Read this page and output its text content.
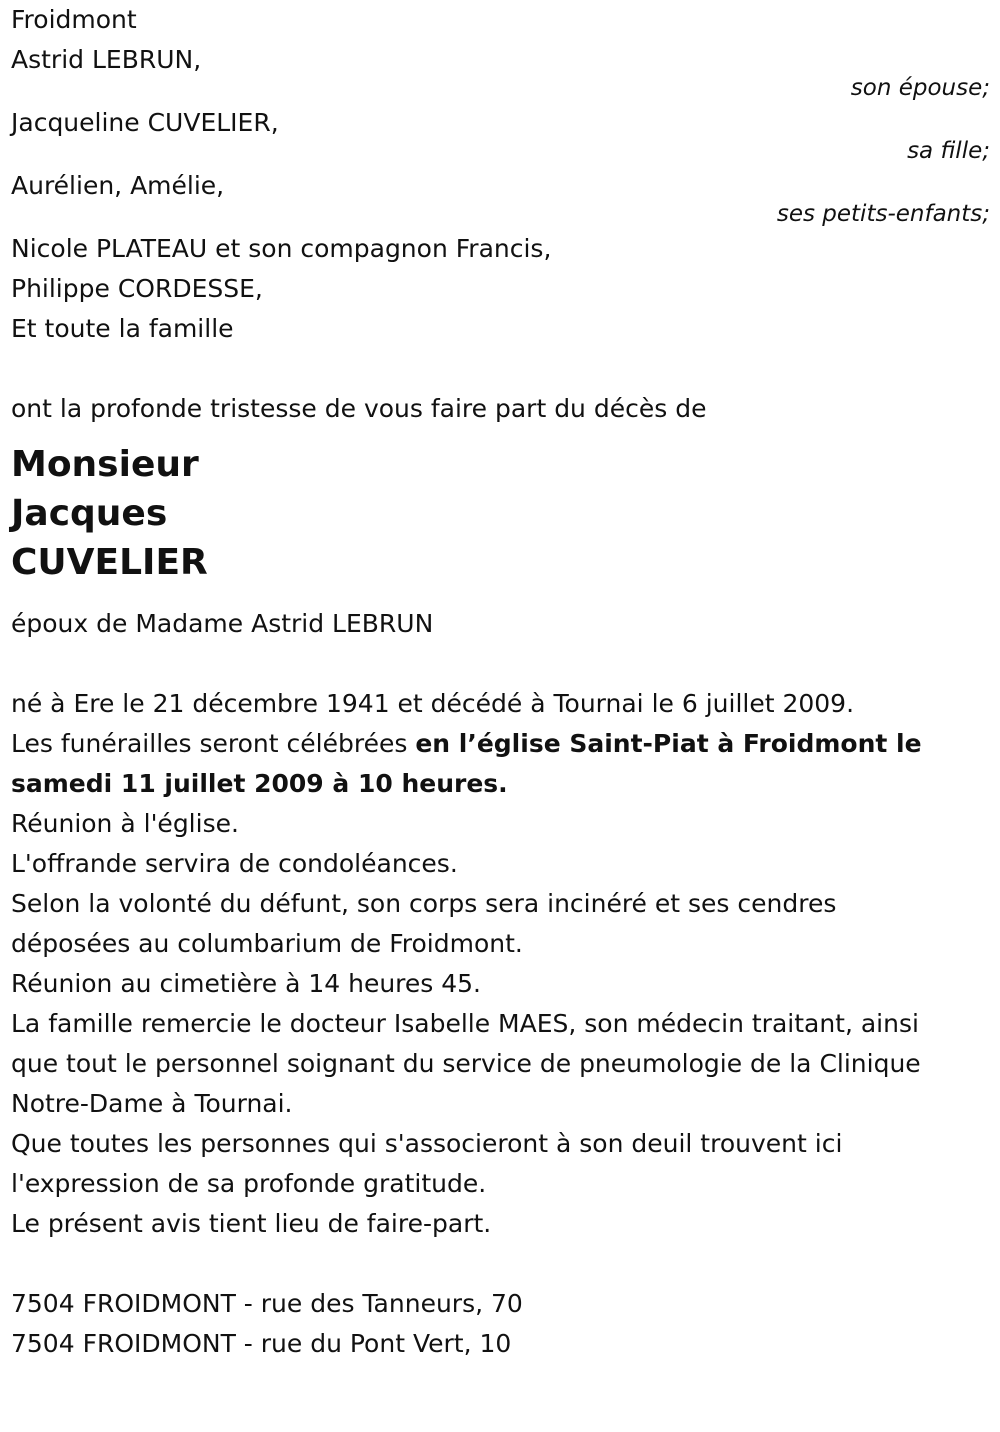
Froidmont
Astrid LEBRUN,
son épouse;
Jacqueline CUVELIER,
sa fille;
Aurélien, Amélie,
ses petits-enfants;
Nicole PLATEAU et son compagnon Francis,
Philippe CORDESSE,
Et toute la famille
ont la profonde tristesse de vous faire part du décès de
Monsieur
Jacques
CUVELIER
époux de Madame Astrid LEBRUN
né à Ere le 21 décembre 1941 et décédé à Tournai le 6 juillet 2009.
Les funérailles seront célébrées en l’église Saint-Piat à Froidmont le
samedi 11 juillet 2009 à 10 heures.
Réunion à l'église.
L'offrande servira de condoléances.
Selon la volonté du défunt, son corps sera incinéré et ses cendres
déposées au columbarium de Froidmont.
Réunion au cimetière à 14 heures 45.
La famille remercie le docteur Isabelle MAES, son médecin traitant, ainsi
que tout le personnel soignant du service de pneumologie de la Clinique
Notre-Dame à Tournai.
Que toutes les personnes qui s'associeront à son deuil trouvent ici
l'expression de sa profonde gratitude.
Le présent avis tient lieu de faire-part.
7504 FROIDMONT - rue des Tanneurs, 70
7504 FROIDMONT - rue du Pont Vert, 10
